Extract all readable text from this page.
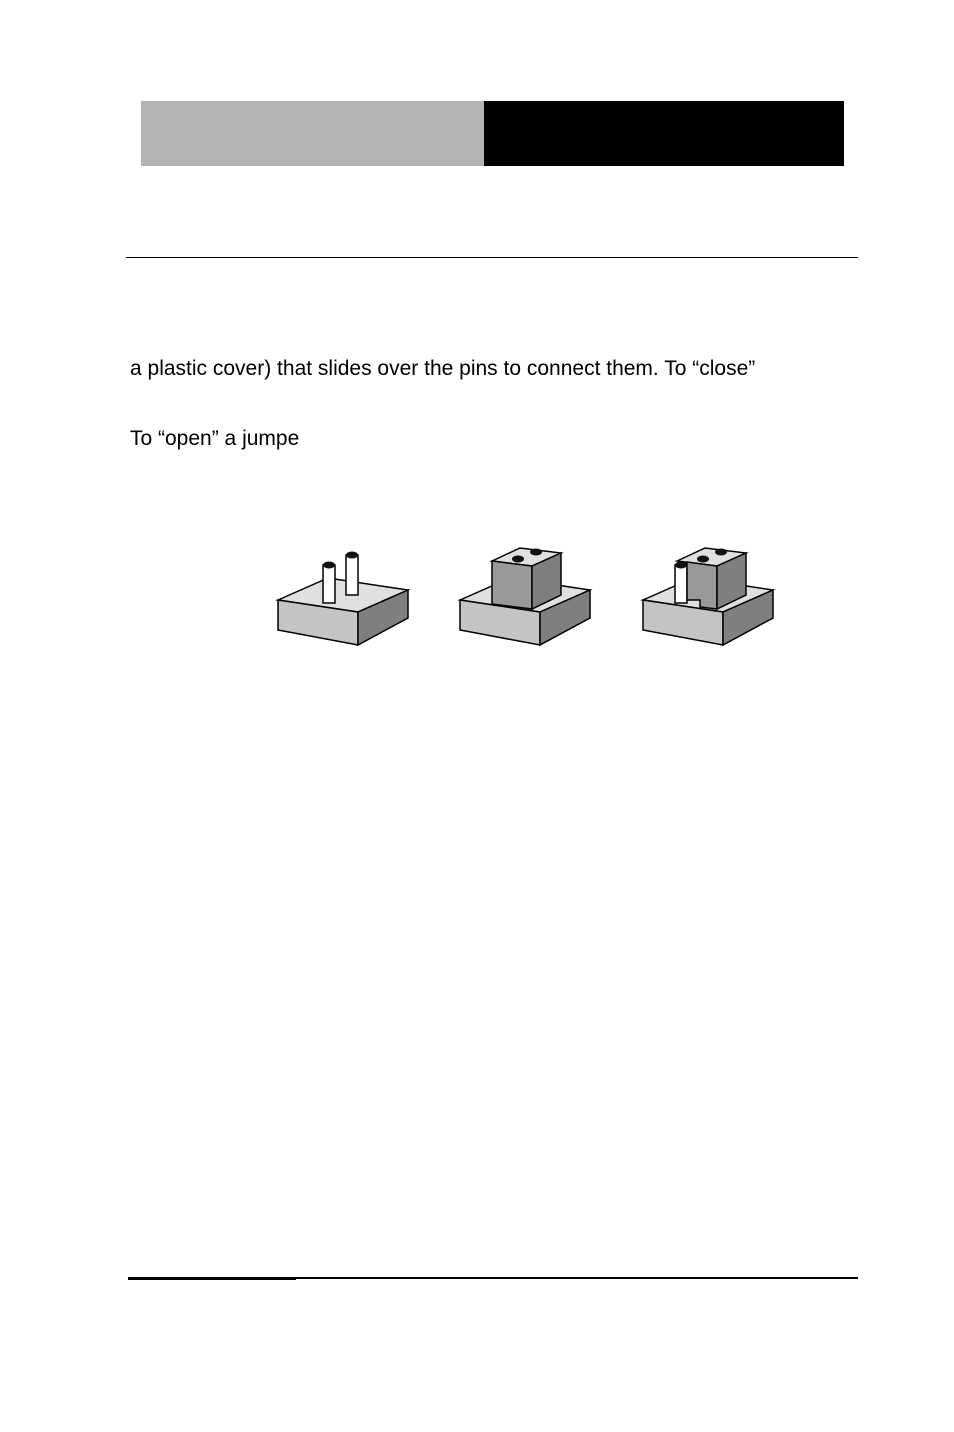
a plastic cover) that slides over the pins to connect them. To “close”
To “open” a jumpe
